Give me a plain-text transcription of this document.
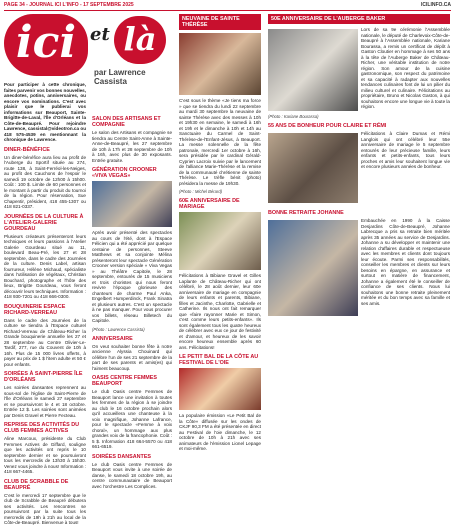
PAGE 34 - JOURNAL ICI L'INFO - 17 SEPTEMBRE 2025	ICILINFO.CA

Pour participer à cette chronique, faites parvenir vos bonnes nouvelles, anecdotes, potins, anniversaires, ou encore vos nominations. C'est avec plaisir que le publierai vos informations sur Beauport, Sainte-Brigitte-de-Laval, l'Île d'Orléans et la Côte-de-Beaupré. Pour rejoindre Lawrence, cassistal@videotron.ca ou 418 575-4539 en mentionnant la chronique de Lawrence.

DINER-BÉNÉFICE

Un diner-bénéfice aura lieu au profit de l'Auberge du Sportif située au 274, route 138, à Saint-Ferréol-les-Neiges, au profit des Cauchons de l'espoir le samedi 19 octobre de 12h00 à 15h00. Coût : 100 $. Limite de 60 personnes et le montant à partir du produit du tournoi de la région. Pour réservation, Sue Chapentir, président, 418 455-1307 ou 418 821-0337.

JOURNÉES DE LA CULTURE À L'ATELIER-GALERIE GOURDEAU

Plusieurs créateurs présenteront leurs techniques et leurs passions à l'Atelier Galerie Gourdeau situé au 11, boulevard Beau-Pré, les 27 et 28 septembre, dans le cadre des Journées de la culture. Denis Label, artisan fourrureur, Hélène Michaud, spécialiste dans l'utilisation de végétaux, Christian Bouchard, photographe et l'hôte des lieux, Brigitte Gourdeau, vous feront découvrir leurs techniques. Information : 418 930-7201 ou 418 666-0300.

BOUQUINERIE ESPACE RICHARD-VERREAU

Dans le cadre des Journées de la culture se tiendra à l'Espace culturel Richard-Verreau de Château-Richer la Grande bouquinerie annuelle les 27 et 28 septembre au Centre Olivier-Le-Tardif, 277, rue du Couvent de 10h à 16h. Plus de 15 000 livres offerts, à payer au prix de 1 $ l'item adulte et 50 ¢ pour enfants.

SOIRÉES À SAINT-PIERRE ÎLE D'ORLÉANS

Les soirées dansantes reprennent au sous-sol de l'église de Saint-Pierre de l'Île d'Orléans le samedi 27 septembre et se poursuivront le 4 et 18 octobre. Entrée 12 $. Les soirées sont animées par Denis Gravel et Pierre Fecteau.

REPRISE DES ACTIVITÉS DU CLUB FEMMES ACTIVES

Aline Marcoux, présidente du Club Femmes Actives de Giffard, souligne que les activités ont repris le 10 septembre dernier et se poursuivront tous les mercredis de 13h30 à 15h30. Venez vous joindre à nous! Information : 418 667-4465.

CLUB DE SCRABBLE DE BEAUPRÉ

C'est le mercredi 17 septembre que le club de Scrabble de Beaupré débutera ses activités. Les rencontres se poursuivront par la suite tous les mercredis de 19h à 21h au local de la Côte-de-Beaupré. Bienvenue à tous!

ici et là
par Lawrence Cassista
SALON DES ARTISANS ET COMPAGNIE

Le salon des Artisans et compagnie se tiendra au Centre Saint-Anne à Sainte-Anne-de-Beaupré, les 27 septembre de 10h à 17h et 28 septembre de 10h à 16h, avec plus de 30 exposants. Entrée gratuite.

GÉNÉRATION CROONER «VIVA VEGAS»

Après avoir présenté des spectacles au cours de l'été, dont à l'Espace Félicien qui a été apprécié par quelque centaine de personnes, Steeve Matthews et sa conjointe Mélina présenteront leur spectacle Génération Crooner version spéciale « Viva Vegas » au Théâtre Capitole, le 28 septembre, entourés de 15 musiciens et trois choristes qui nous feront revivre l'époque glorieuse des chanteurs de charme Paul Anka, Engelbert Humperdinck, Frank Sinatra et plusieurs autres. C'est un spectacle à ne pas manquer. Pour vous procurer vos billets, réseau Billetech du Capitole.

(Photo : Lawrence Cassista)
ANNIVERSAIRE

On veut souhaiter bonne fête à notre ancienne Alyssia Chouinard qui célèbre l'un de ses 21 septembre de la part de ses parents et amis(es) qui l'aiment beaucoup.

OASIS CENTRE FEMMES BEAUPORT

Le club Oasis centre Femmes de Beauport lance une invitation à toutes les femmes de la région à se joindre au club le 16 octobre prochain alors qu'il accueillera une chanteuse à la voix magnifique, Johanne Lafrance, pour le spectacle «Femme à voix choral», un hommage aux plus grandes voix de la francophonie. Coût : 5 $. Information 418 664-5570 ou 418 661-6519.

SOIRÉES DANSANTES

Le club Oasis centre Femmes de Beauport vous invite à une soirée de danse, le samedi 18 octobre 19h, au centre communautaire de Beauport avec l'orchestre Les Complices.

NEUVAINE DE SAINTE THÉRÈSE

C'est sous le thème «Je tiens ma force » que se tiendra du lundi 22 septembre au mardi 30 septembre la neuvaine de sainte Thérèse avec des messes à 10h et 19h30 en semaine, le samedi à 16h et 19h et le dimanche à 10h et 14h au Sanctuaire du Carmel de Saint-Thérèse-de-l'Enfant-Jésus, à Beauport. La messe solennelle de la fête patronale, mercredi 1er octobre à 16h, sera présidée par le cardinal Gérald-Cyprien Lacroix suivie par le lancement de l'alliance Marie-Thérèse et la remise de la communauté chrétienne de sainte Thérèse. Le trèfle bénit (photo) présidera la messe de 19h30.

(Photo : Michel Bérard)
60E ANNIVERSAIRE DE MARIAGE

Félicitations à Bibiane Gravel et Gilles Laplante de Château-Richer qui ont célébré, le 28 août dernier, leur 60e anniversaire de mariage en compagnie de leurs enfants et parents, Bibiane, filles et Jacinthe, Charlotte, Gabrielle et Catherine. Ils nous ont fait remarquer que «faire rayonner Marie et Simon, c'est comme leurs petits-enfants». Ils sont également tous les quatre heureux de célébrer avec eux ce jour de festivité et d'amour, et heureux de les savoir encore heureux ensemble après 60 ans. Félicitations!

LE PETIT BAL DE LA CÔTE AU FESTIVAL DE L'OIE

La populaire émission «Le Petit Bal de la Côte» diffusée sur les ondes de CKJF 90,3 FM a été présentée en direct au Festival de l'oie dimanche, le 12 octobre de 10h à 21h avec ses animateurs de l'émission Lionel Lepage et moi-même.

50E ANNIVERSAIRE DE L'AUBERGE BAKER

Lors de sa 9e cérémonie l'Assemblée nationale, le député de Charlevoix-Côte-de-Beaupré à l'Assemblée nationale, Kariane Bourassa, a remis un certificat de dépôt à Gaston Cloutier en hommage à ses 50 ans à la tête de l'Auberge Baker de Château-Richer, une véritable institution de notre région. Son amour de la cuisine gastronomique, son respect du patrimoine et sa capacité à radapter aux nouvelles tendances culinaires font de lui un pilier du milieu culturel et culinaire. Félicitations au propriétaire, Bruno et Nicolas Gaston, à qui souhaitons encore une longue vie à toute la région.

(Photo : Kariane Bourassa)
55 ANS DE BONHEUR POUR CLAIRE ET RÉMI

Félicitations à Claire Dumas et Rémi Langlois qui ont célébré leur 55e anniversaire de mariage le 5 septembre entourés de leur précieuse famille, leurs enfants et petits-enfants, tous leurs proches et amis leur souhaitent longue vie et encore plusieurs années de bonheur.

BONNE RETRAITE JOHANNE

Embauchée en 1990 à la Caisse Desjardins Côte-de-Beaupré, Johanne Labrecque a pris sa retraite bien méritée après 35 années au service de Desjardins. Johanne a su développer et maintenir une relation d'affaires durable et respectueuse avec les membres et clients dont toujours leur écoute. Parmi ses responsabilités, conseiller les membres et clients sur leurs besoins en épargne, en assurance et surtout en matière de financement, Johanne a également été le conseiller de confiance de ses clients. Nous lui souhaitons une bonne retraite pleinement méritée et du bon temps avec sa famille et ses amis.
